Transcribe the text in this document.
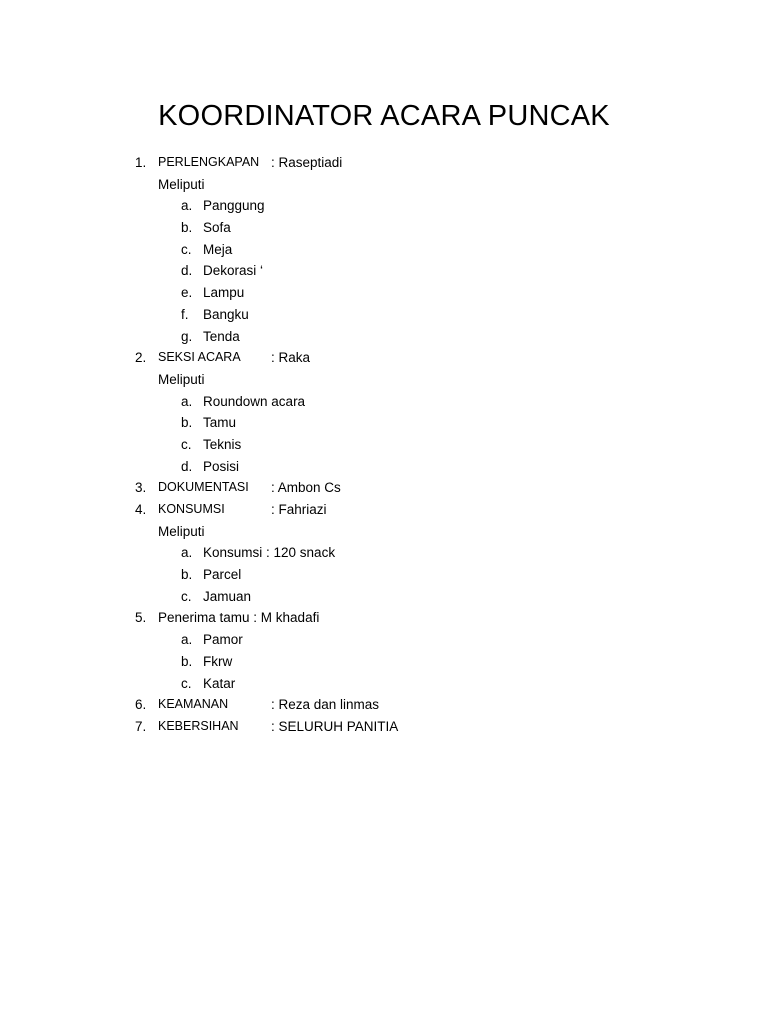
KOORDINATOR ACARA PUNCAK
1. PERLENGKAPAN : Raseptiadi
Meliputi
a. Panggung
b. Sofa
c. Meja
d. Dekorasi ‘
e. Lampu
f. Bangku
g. Tenda
2. SEKSI ACARA : Raka
Meliputi
a. Roundown acara
b. Tamu
c. Teknis
d. Posisi
3. DOKUMENTASI : Ambon Cs
4. KONSUMSI	: Fahriazi
Meliputi
a. Konsumsi : 120 snack
b. Parcel
c. Jamuan
5. Penerima tamu : M khadafi
a. Pamor
b. Fkrw
c. Katar
6. KEAMANAN	: Reza dan linmas
7. KEBERSIHAN : SELURUH PANITIA
